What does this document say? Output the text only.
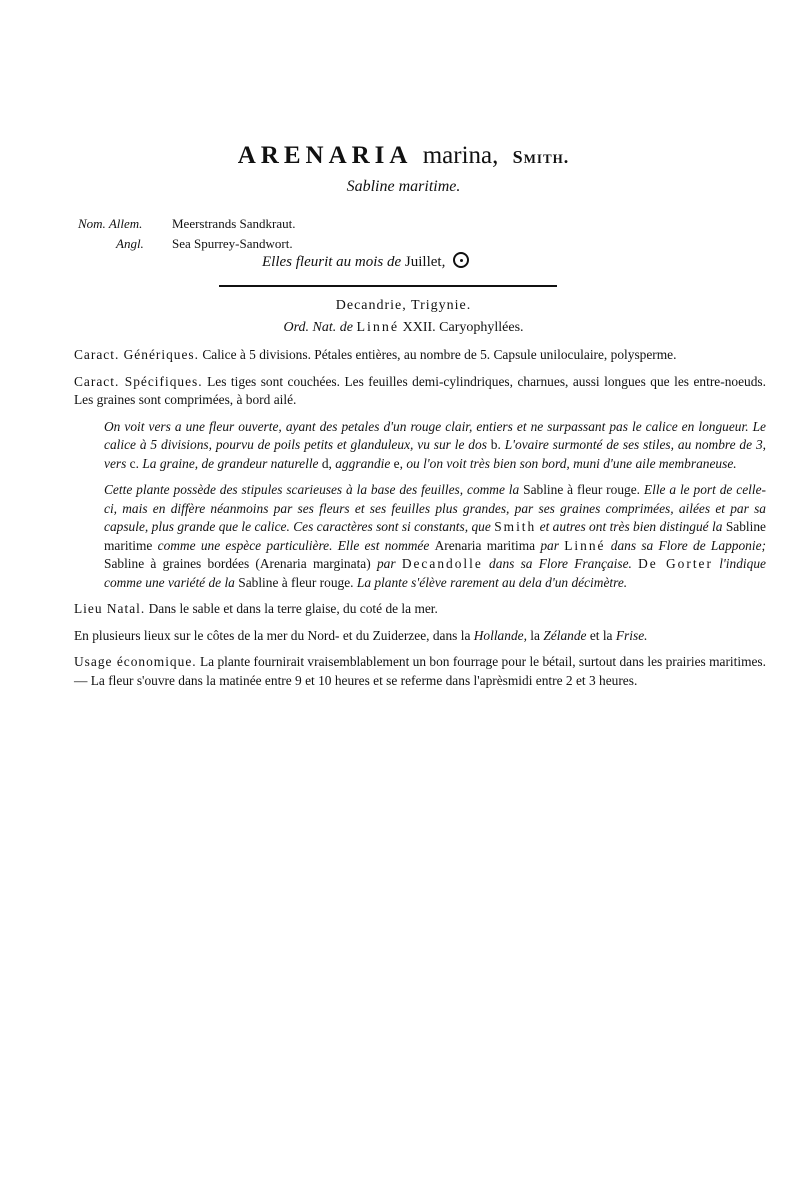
ARENARIA marina, Smith.
Sabline maritime.
Nom. Allem. Meerstrands Sandkraut.
Angl. Sea Spurrey-Sandwort.
Elles fleurit au mois de Juillet,
Decandrie, Trigynie.
Ord. Nat. de Linné XXII. Caryophyllées.

Caract. Génériques. Calice à 5 divisions. Pétales entières, au nombre de 5. Capsule uniloculaire, polysperme.

Caract. Spécifiques. Les tiges sont couchées. Les feuilles demi-cylindriques, charnues, aussi longues que les entre-noeuds. Les graines sont comprimées, à bord ailé.

On voit vers a une fleur ouverte, ayant des petales d'un rouge clair, entiers et ne surpassant pas le calice en longueur. Le calice à 5 divisions, pourvu de poils petits et glanduleux, vu sur le dos b. L'ovaire surmonté de ses stiles, au nombre de 3, vers c. La graine, de grandeur naturelle d, aggrandie e, ou l'on voit très bien son bord, muni d'une aile membraneuse.

Cette plante possède des stipules scarieuses à la base des feuilles, comme la Sabline à fleur rouge. Elle a le port de celle-ci, mais en diffère néanmoins par ses fleurs et ses feuilles plus grandes, par ses graines comprimées, ailées et par sa capsule, plus grande que le calice. Ces caractères sont si constants, que Smith et autres ont très bien distingué la Sabline maritime comme une espèce particulière. Elle est nommée Arenaria maritima par Linné dans sa Flore de Lapponie; Sabline à graines bordées (Arenaria marginata) par Decandolle dans sa Flore Française. De Gorter l'indique comme une variété de la Sabline à fleur rouge. La plante s'élève rarement au dela d'un décimètre.

Lieu Natal. Dans le sable et dans la terre glaise, du coté de la mer.

En plusieurs lieux sur le côtes de la mer du Nord- et du Zuiderzee, dans la Hollande, la Zélande et la Frise.

Usage économique. La plante fournirait vraisemblablement un bon fourrage pour le bétail, surtout dans les prairies maritimes. — La fleur s'ouvre dans la matinée entre 9 et 10 heures et se referme dans l'aprèsmidi entre 2 et 3 heures.
